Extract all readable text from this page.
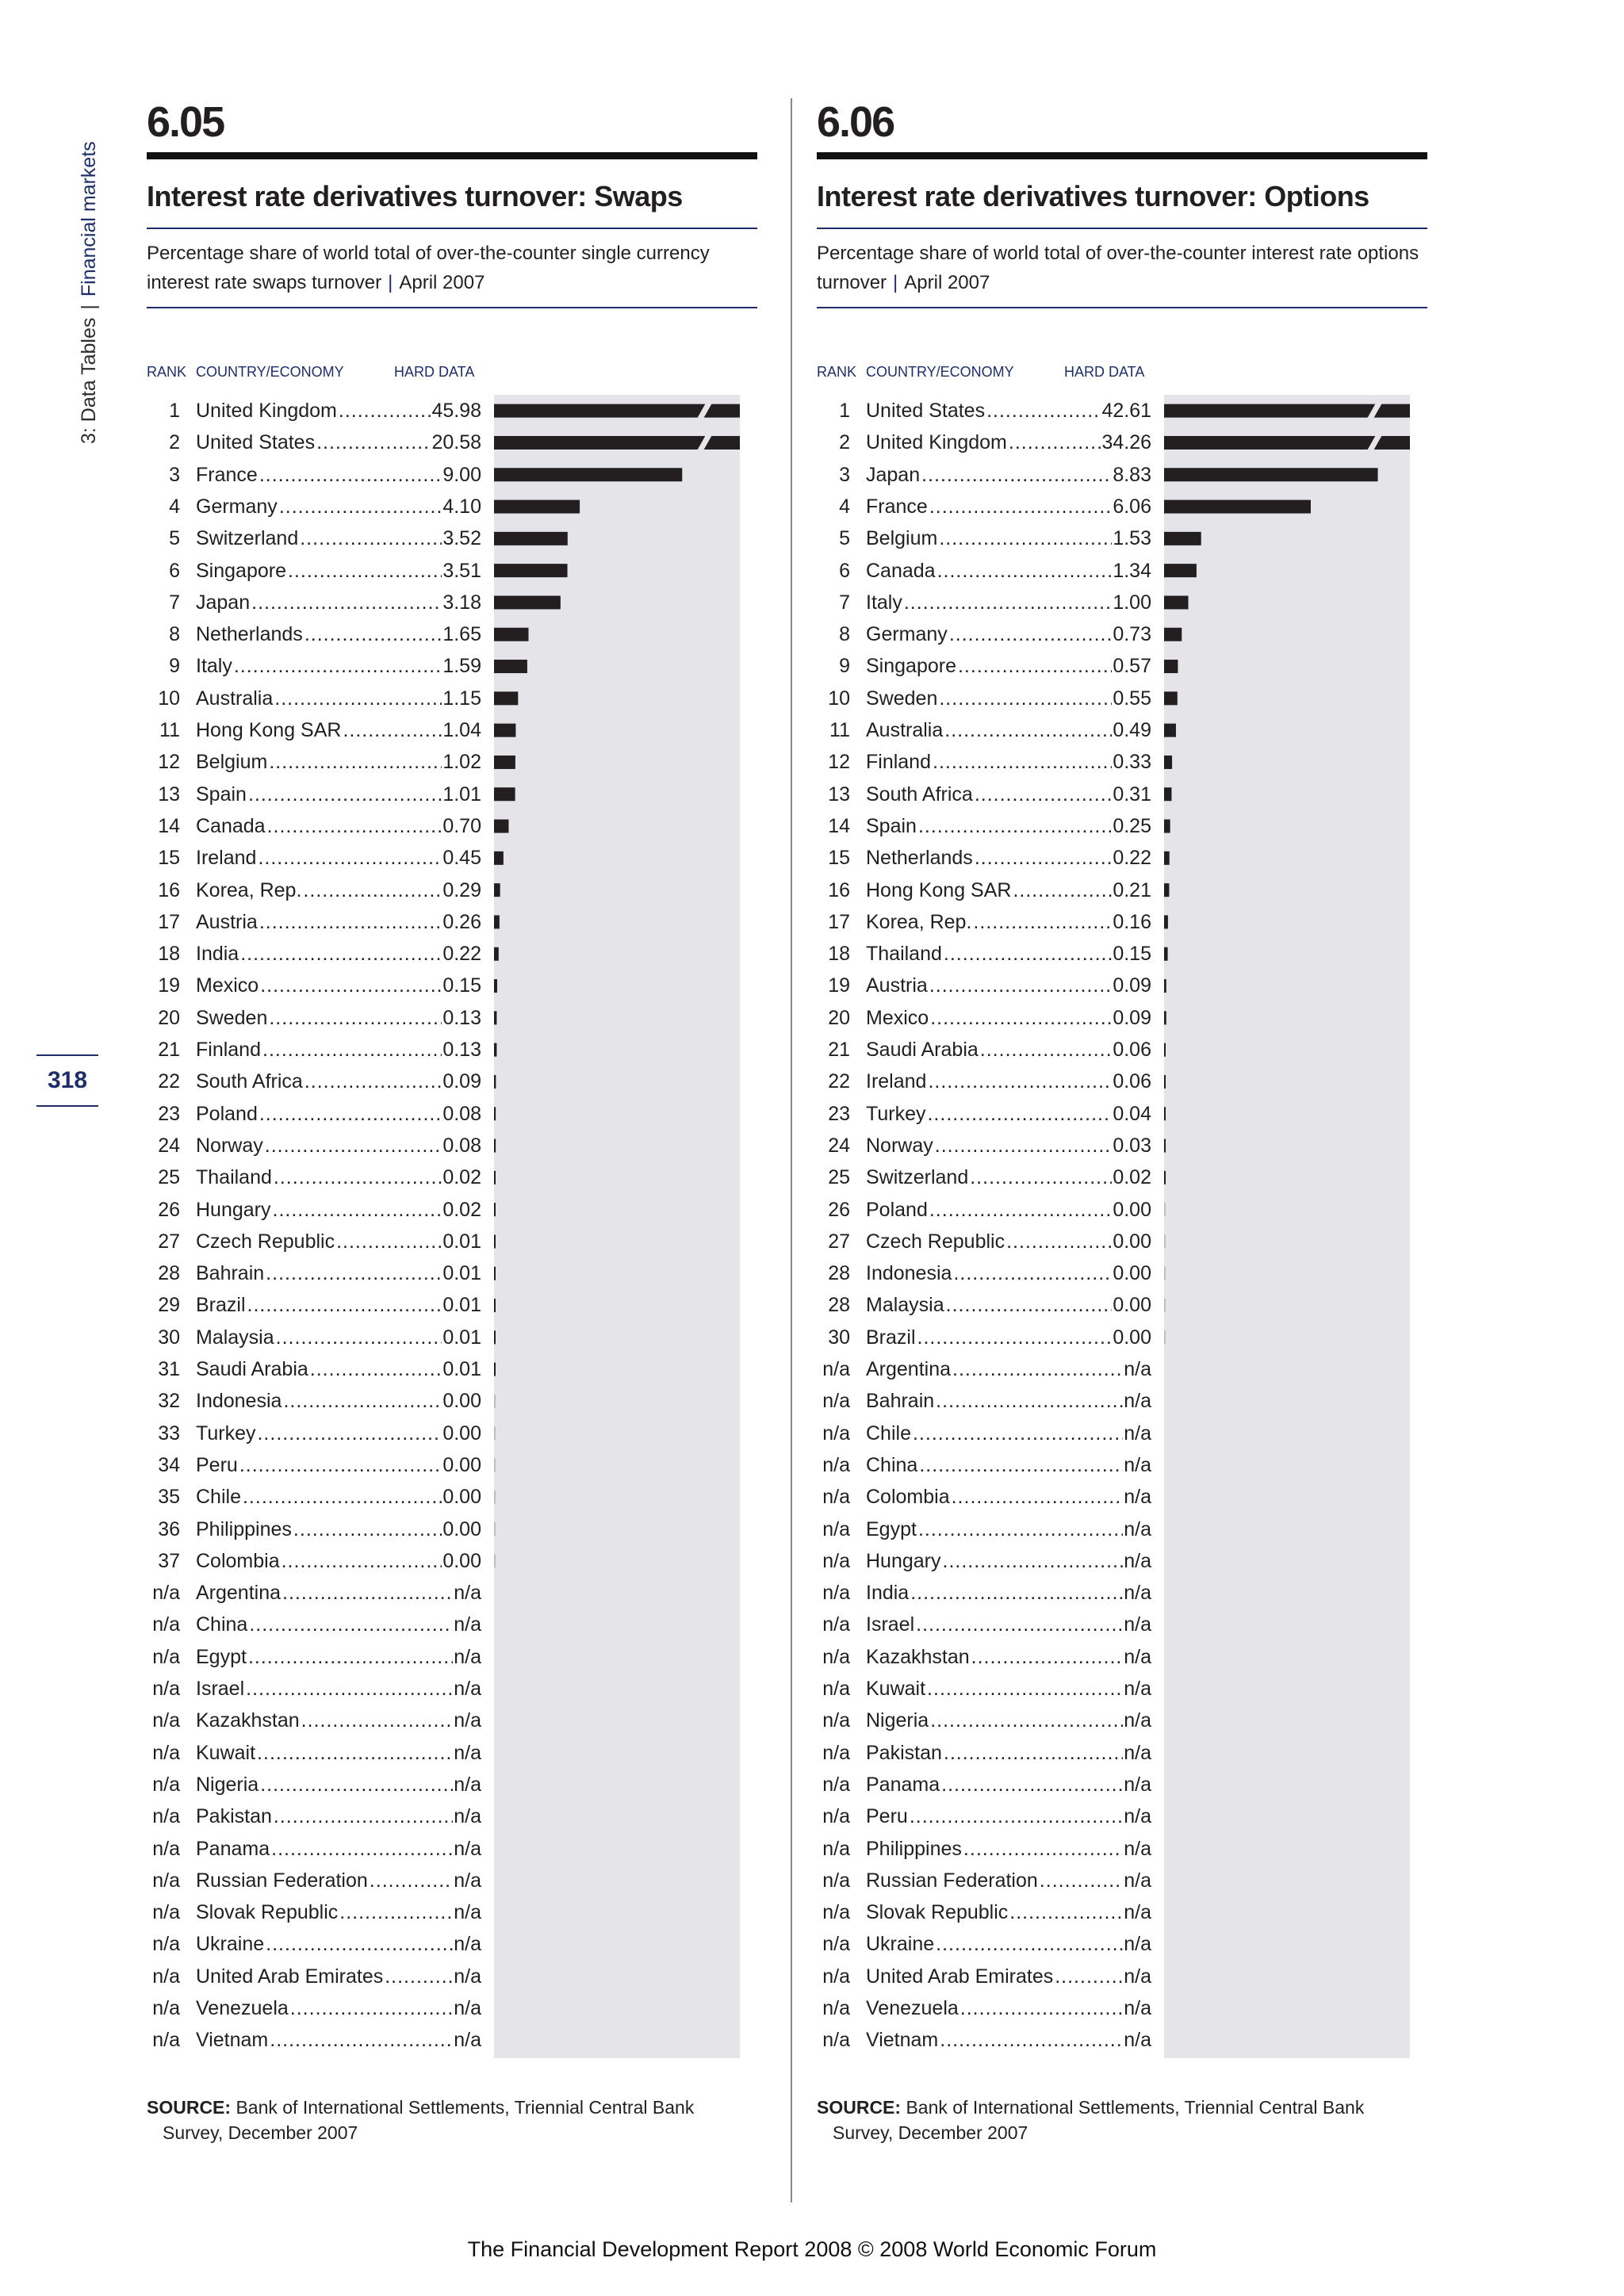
3: Data Tables
|
Financial markets
318
6.05
Interest rate derivatives turnover: Swaps
Percentage share of world total of over-the-counter single currency interest rate swaps turnover | April 2007
RANK COUNTRY/ECONOMY	HARD DATA
1 United Kingdom .....	45.98
2 United States .....	20.58
3 France .....	9.00
4 Germany .....	4.10
5 Switzerland .....	3.52
6 Singapore .....	3.51
7 Japan .....	3.18
8 Netherlands .....	1.65
9 Italy .....	1.59
10 Australia .....	1.15
11 Hong Kong SAR .....	1.04
12 Belgium .....	1.02
13 Spain .....	1.01
14 Canada .....	0.70
15 Ireland .....	0.45
16 Korea, Rep. .....	0.29
17 Austria .....	0.26
18 India .....	0.22
19 Mexico .....	0.15
20 Sweden .....	0.13
21 Finland .....	0.13
22 South Africa .....	0.09
23 Poland .....	0.08
24 Norway .....	0.08
25 Thailand .....	0.02
26 Hungary .....	0.02
27 Czech Republic .....	0.01
28 Bahrain .....	0.01
29 Brazil .....	0.01
30 Malaysia .....	0.01
31 Saudi Arabia .....	0.01
32 Indonesia .....	0.00
33 Turkey .....	0.00
34 Peru .....	0.00
35 Chile .....	0.00
36 Philippines .....	0.00
37 Colombia .....	0.00
n/a Argentina .....	n/a
n/a China .....	n/a
n/a Egypt .....	n/a
n/a Israel .....	n/a
n/a Kazakhstan .....	n/a
n/a Kuwait .....	n/a
n/a Nigeria .....	n/a
n/a Pakistan .....	n/a
n/a Panama .....	n/a
n/a Russian Federation .....	n/a
n/a Slovak Republic .....	n/a
n/a Ukraine .....	n/a
n/a United Arab Emirates .....	n/a
n/a Venezuela .....	n/a
n/a Vietnam .....	n/a
SOURCE: Bank of International Settlements, Triennial Central Bank
Survey, December 2007
6.06
Interest rate derivatives turnover: Options
Percentage share of world total of over-the-counter interest rate options turnover | April 2007
RANK COUNTRY/ECONOMY	HARD DATA
1 United States .....	42.61
2 United Kingdom .....	34.26
3 Japan .....	8.83
4 France .....	6.06
5 Belgium .....	1.53
6 Canada .....	1.34
7 Italy .....	1.00
8 Germany .....	0.73
9 Singapore .....	0.57
10 Sweden .....	0.55
11 Australia .....	0.49
12 Finland .....	0.33
13 South Africa .....	0.31
14 Spain .....	0.25
15 Netherlands .....	0.22
16 Hong Kong SAR .....	0.21
17 Korea, Rep. .....	0.16
18 Thailand .....	0.15
19 Austria .....	0.09
20 Mexico .....	0.09
21 Saudi Arabia .....	0.06
22 Ireland .....	0.06
23 Turkey .....	0.04
24 Norway .....	0.03
25 Switzerland .....	0.02
26 Poland .....	0.00
27 Czech Republic .....	0.00
28 Indonesia .....	0.00
28 Malaysia .....	0.00
30 Brazil .....	0.00
n/a Argentina .....	n/a
n/a Bahrain .....	n/a
n/a Chile .....	n/a
n/a China .....	n/a
n/a Colombia .....	n/a
n/a Egypt .....	n/a
n/a Hungary .....	n/a
n/a India .....	n/a
n/a Israel .....	n/a
n/a Kazakhstan .....	n/a
n/a Kuwait .....	n/a
n/a Nigeria .....	n/a
n/a Pakistan .....	n/a
n/a Panama .....	n/a
n/a Peru .....	n/a
n/a Philippines .....	n/a
n/a Russian Federation .....	n/a
n/a Slovak Republic .....	n/a
n/a Ukraine .....	n/a
n/a United Arab Emirates .....	n/a
n/a Venezuela .....	n/a
n/a Vietnam .....	n/a
SOURCE: Bank of International Settlements, Triennial Central Bank
Survey, December 2007
The Financial Development Report 2008 © 2008 World Economic Forum
